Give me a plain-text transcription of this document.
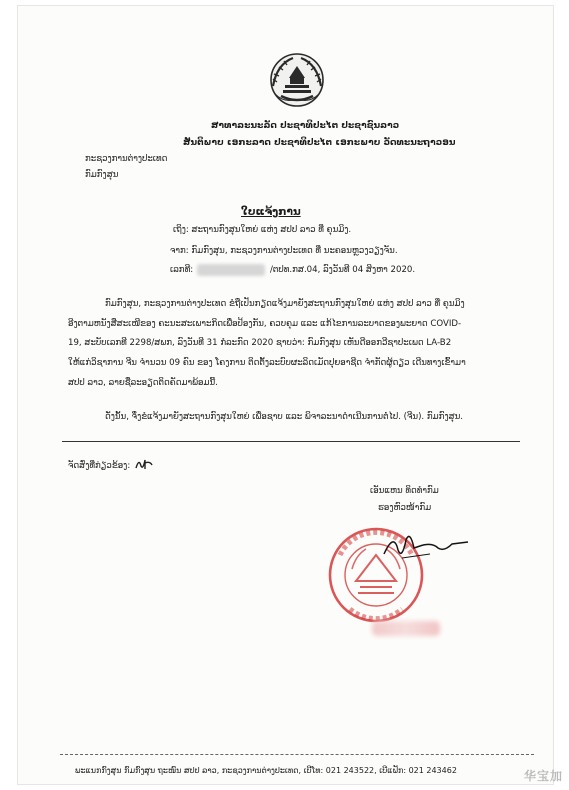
ສາທາລະນະລັດ ປະຊາທິປະໄຕ ປະຊາຊົນລາວ
ສັນຕິພາບ ເອກະລາດ ປະຊາທິປະໄຕ ເອກະພາບ ວັດທະນະຖາວອນ
ກະຊວງການຕ່າງປະເທດ
ກົມກົງສຸນ
ໃບແຈ້ງການ
ເຖິງ: ສະຖານກົງສຸນໃຫຍ່ ແຫ່ງ ສປປ ລາວ ທີ່ ຄຸນມິງ.
ຈາກ: ກົມກົງສຸນ, ກະຊວງການຕ່າງປະເທດ ທີ່ ນະຄອນຫຼວງວຽງຈັນ.
ເລກທີ:	/ຕປທ.ກສ.04, ລົງວັນທີ 04 ສິງຫາ 2020.
ກົມກົງສຸນ, ກະຊວງການຕ່າງປະເທດ ຂໍຖືເປັນກຽດແຈ້ງມາຍັງສະຖານກົງສຸນໃຫຍ່ ແຫ່ງ ສປປ ລາວ ທີ່ ຄຸນມິງ
ອີງຕາມຫນັງສືສະເໜີຂອງ ຄະນະສະເພາະກິດເພື່ອປ້ອງກັນ, ຄວບຄຸມ ແລະ ແກ້ໄຂການລະບາດຂອງພະຍາດ COVID-
19, ສະບັບເລກທີ 2298/ສພກ, ລົງວັນທີ 31 ກໍລະກົດ 2020 ຊາບວ່າ: ກົມກົງສຸນ ເຫັນດີອອກວີຊາປະເພດ LA-B2
ໃຫ້ແກ່ວິຊາການ ຈີນ ຈຳນວນ 09 ຄົນ ຂອງ ໂຄງການ ຕິດຕັ້ງລະບົບຜະລິດເມັດປຸຍອາຊີດ ຈຳກັດຜູ້ດຽວ ເດີນທາງເຂົ້າມາ
ສປປ ລາວ, ລາຍຊື່ລະອຽດຕິດຄັດມາພ້ອມນີ້.
ດັ່ງນັ້ນ, ຈຶ່ງຂໍແຈ້ງມາຍັງສະຖານກົງສຸນໃຫຍ່ ເພື່ອຊາບ ແລະ ພິຈາລະນາດຳເນີນການຕໍ່ໄປ. (ຈີນ). ກົມກົງສຸນ.
ຈັດສົ່ງທີ່ກ່ຽວຂ້ອງ:
ເອັນແຫນ ທິດທຳກົມ
ຮອງຫົວໜ້າກົມ
ພະແນກກົງສຸນ ກົມກົງສຸນ ຖະໜົນ ສປປ ລາວ, ກະຊວງການຕ່າງປະເທດ, ເບີໂທ: 021 243522, ເບີແຟັກ: 021 243462	华宝加
